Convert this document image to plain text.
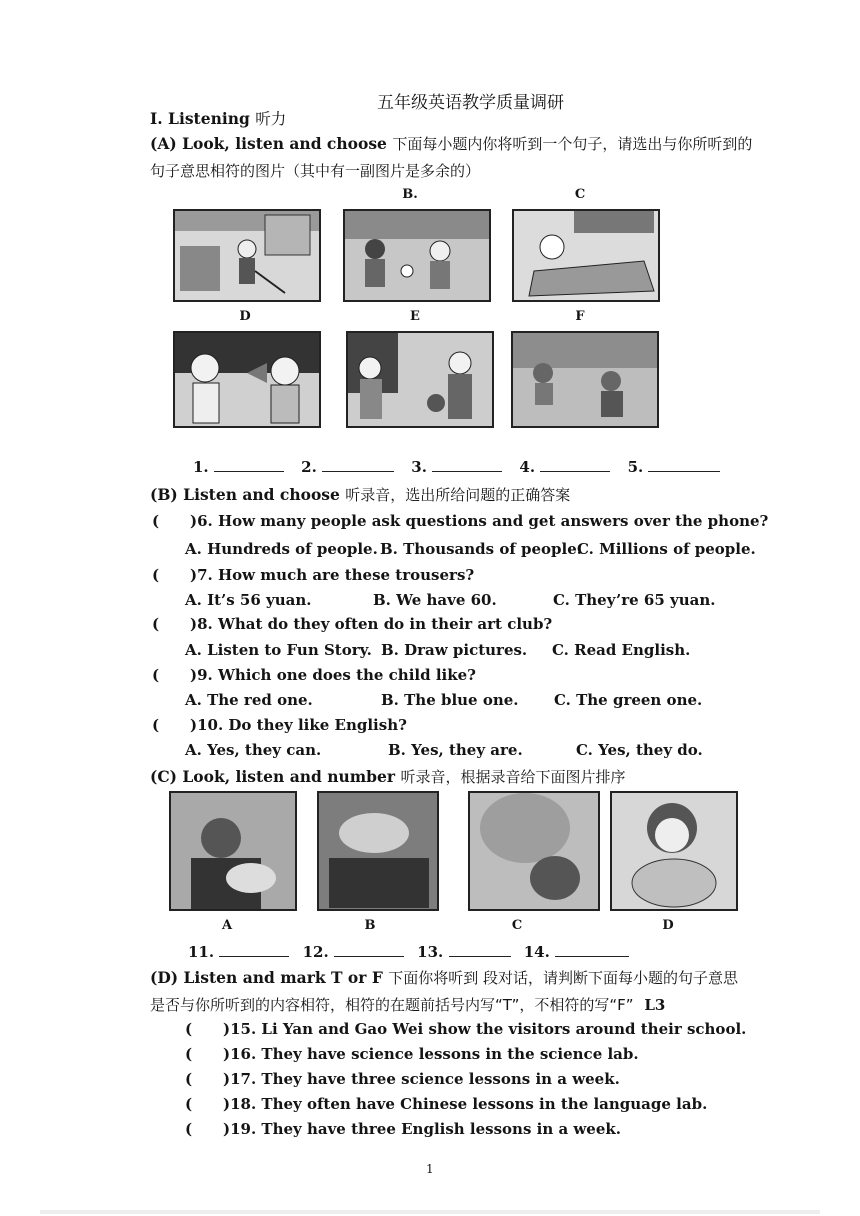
五年级英语教学质量调研
I. Listening 听力
(A) Look, listen and choose 下面每小题内你将听到一个句子，请选出与你所听到的
句子意思相符的图片（其中有一副图片是多余的）
B.	C
D	E	F
1.	2.	3.	4.	5.
(B) Listen and choose 听录音，选出所给问题的正确答案
( )6. How many people ask questions and get answers over the phone?
A. Hundreds of people. B. Thousands of people.
C. Millions of people.
( )7. How much are these trousers?
A. It’s 56 yuan.	B. We have 60.	C. They’re 65 yuan.
( )8. What do they often do in their art club?
A. Listen to Fun Story. B. Draw pictures. C. Read English.
( )9. Which one does the child like?
A. The red one.	B. The blue one. C. The green one.
( )10. Do they like English?
A. Yes, they can.	B. Yes, they are.	C. Yes, they do.
(C) Look, listen and number 听录音，根据录音给下面图片排序
A	B	C	D
11.	12.	13.	14.
(D) Listen and mark T or F 下面你将听到 段对话，请判断下面每小题的句子意思
是否与你所听到的内容相符，相符的在题前括号内写“T”，不相符的写“F” L3
( )15. Li Yan and Gao Wei show the visitors around their school.
( )16. They have science lessons in the science lab.
( )17. They have three science lessons in a week.
( )18. They often have Chinese lessons in the language lab.
( )19. They have three English lessons in a week.
1
